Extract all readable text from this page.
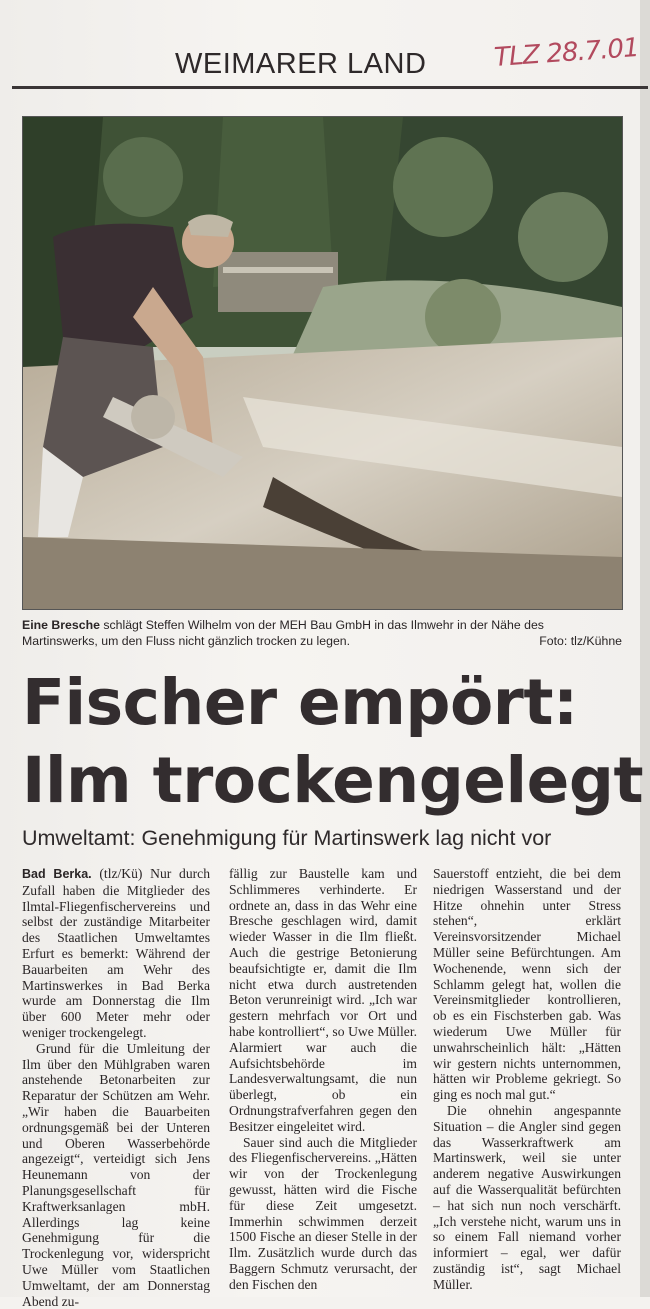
WEIMARER LAND	TLZ 28.7.01
Eine Bresche schlägt Steffen Wilhelm von der MEH Bau GmbH in das Ilmwehr in der Nähe des Martinswerks, um den Fluss nicht gänzlich trocken zu legen.	Foto: tlz/Kühne
Fischer empört:
Ilm trockengelegt
Umweltamt: Genehmigung für Martinswerk lag nicht vor

Bad Berka. (tlz/Kü) Nur durch Zufall haben die Mitglieder des Ilmtal-Fliegenfischervereins und selbst der zuständige Mitarbeiter des Staatlichen Umweltamtes Erfurt es bemerkt: Während der Bauarbeiten am Wehr des Martinswerkes in Bad Berka wurde am Donnerstag die Ilm über 600 Meter mehr oder weniger trockengelegt.

Grund für die Umleitung der Ilm über den Mühlgraben waren anstehende Betonarbeiten zur Reparatur der Schützen am Wehr. „Wir haben die Bauarbeiten ordnungsgemäß bei der Unteren und Oberen Wasserbehörde angezeigt“, verteidigt sich Jens Heunemann von der Planungsgesellschaft für Kraftwerksanlagen mbH. Allerdings lag keine Genehmigung für die Trockenlegung vor, widerspricht Uwe Müller vom Staatlichen Umweltamt, der am Donnerstag Abend zu-

fällig zur Baustelle kam und Schlimmeres verhinderte. Er ordnete an, dass in das Wehr eine Bresche geschlagen wird, damit wieder Wasser in die Ilm fließt. Auch die gestrige Betonierung beaufsichtigte er, damit die Ilm nicht etwa durch austretenden Beton verunreinigt wird. „Ich war gestern mehrfach vor Ort und habe kontrolliert“, so Uwe Müller. Alarmiert war auch die Aufsichtsbehörde im Landesverwaltungsamt, die nun überlegt, ob ein Ordnungstrafverfahren gegen den Besitzer eingeleitet wird.

Sauer sind auch die Mitglieder des Fliegenfischervereins. „Hätten wir von der Trockenlegung gewusst, hätten wird die Fische für diese Zeit umgesetzt. Immerhin schwimmen derzeit 1500 Fische an dieser Stelle in der Ilm. Zusätzlich wurde durch das Baggern Schmutz verursacht, der den Fischen den

Sauerstoff entzieht, die bei dem niedrigen Wasserstand und der Hitze ohnehin unter Stress stehen“, erklärt Vereinsvorsitzender Michael Müller seine Befürchtungen. Am Wochenende, wenn sich der Schlamm gelegt hat, wollen die Vereinsmitglieder kontrollieren, ob es ein Fischsterben gab. Was wiederum Uwe Müller für unwahrscheinlich hält: „Hätten wir gestern nichts unternommen, hätten wir Probleme gekriegt. So ging es noch mal gut.“

Die ohnehin angespannte Situation – die Angler sind gegen das Wasserkraftwerk am Martinswerk, weil sie unter anderem negative Auswirkungen auf die Wasserqualität befürchten – hat sich nun noch verschärft. „Ich verstehe nicht, warum uns in so einem Fall niemand vorher informiert – egal, wer dafür zuständig ist“, sagt Michael Müller.
